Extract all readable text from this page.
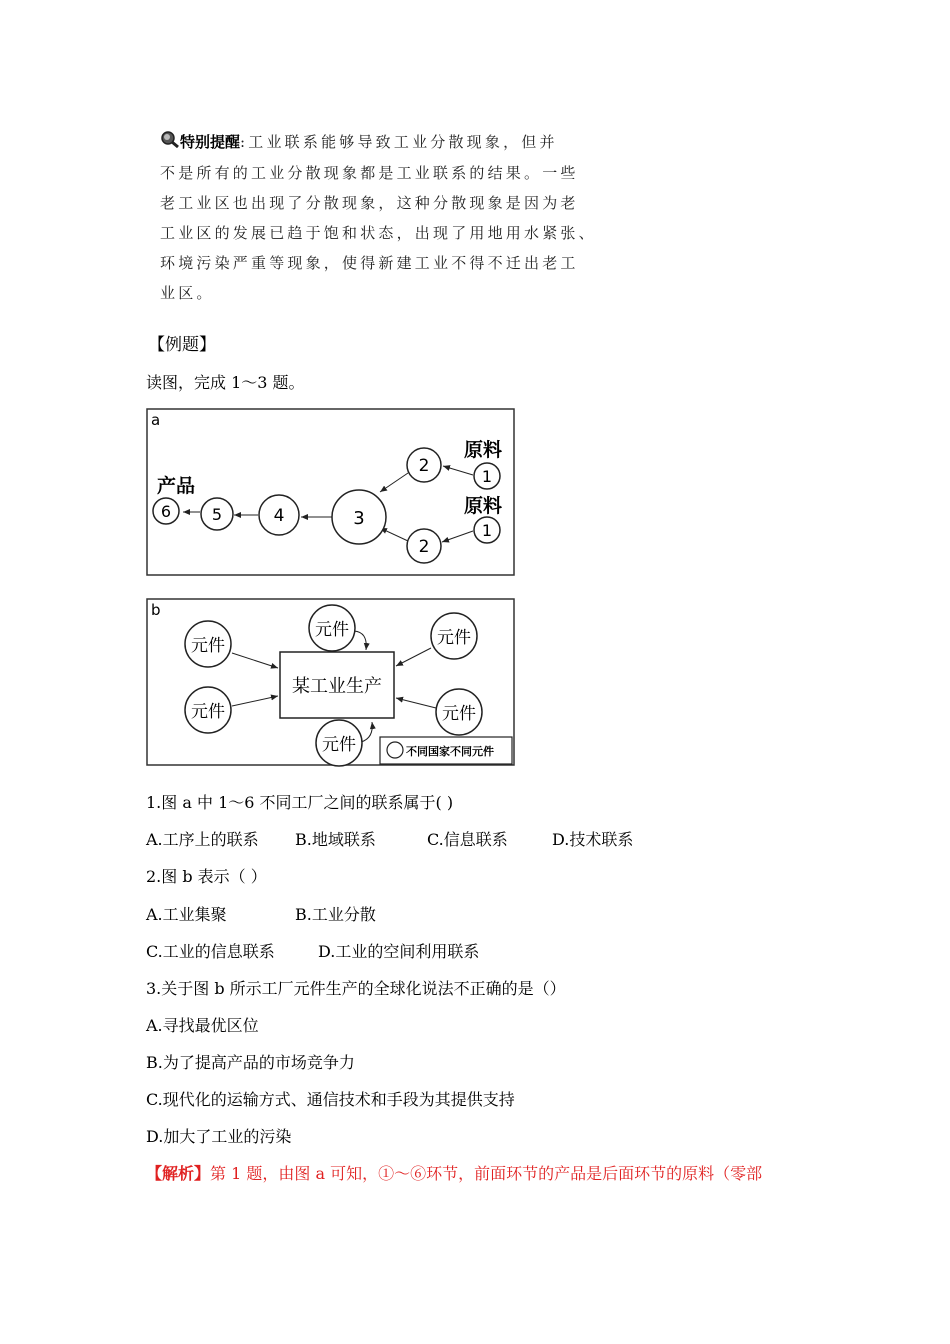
特别提醒:工业联系能够导致工业分散现象，但并
不是所有的工业分散现象都是工业联系的结果。一些
老工业区也出现了分散现象，这种分散现象是因为老
工业区的发展已趋于饱和状态，出现了用地用水紧张、
环境污染严重等现象，使得新建工业不得不迁出老工
业区。
【例题】
读图，完成 1～3 题。
a
原料
原料
产品	1
1
2
2
3
4
5
6
b
某工业生产
元件
元件
元件	元件
元件
元件	不同国家不同元件
1.图 a 中 1～6 不同工厂之间的联系属于( )
A.工序上的联系 B.地域联系	C.信息联系	D.技术联系
2.图 b 表示（ ）
A.工业集聚	B.工业分散
C.工业的信息联系	D.工业的空间利用联系
3.关于图 b 所示工厂元件生产的全球化说法不正确的是（）
A.寻找最优区位
B.为了提高产品的市场竞争力
C.现代化的运输方式、通信技术和手段为其提供支持
D.加大了工业的污染
【解析】第 1 题，由图 a 可知，①～⑥环节，前面环节的产品是后面环节的原料（零部
